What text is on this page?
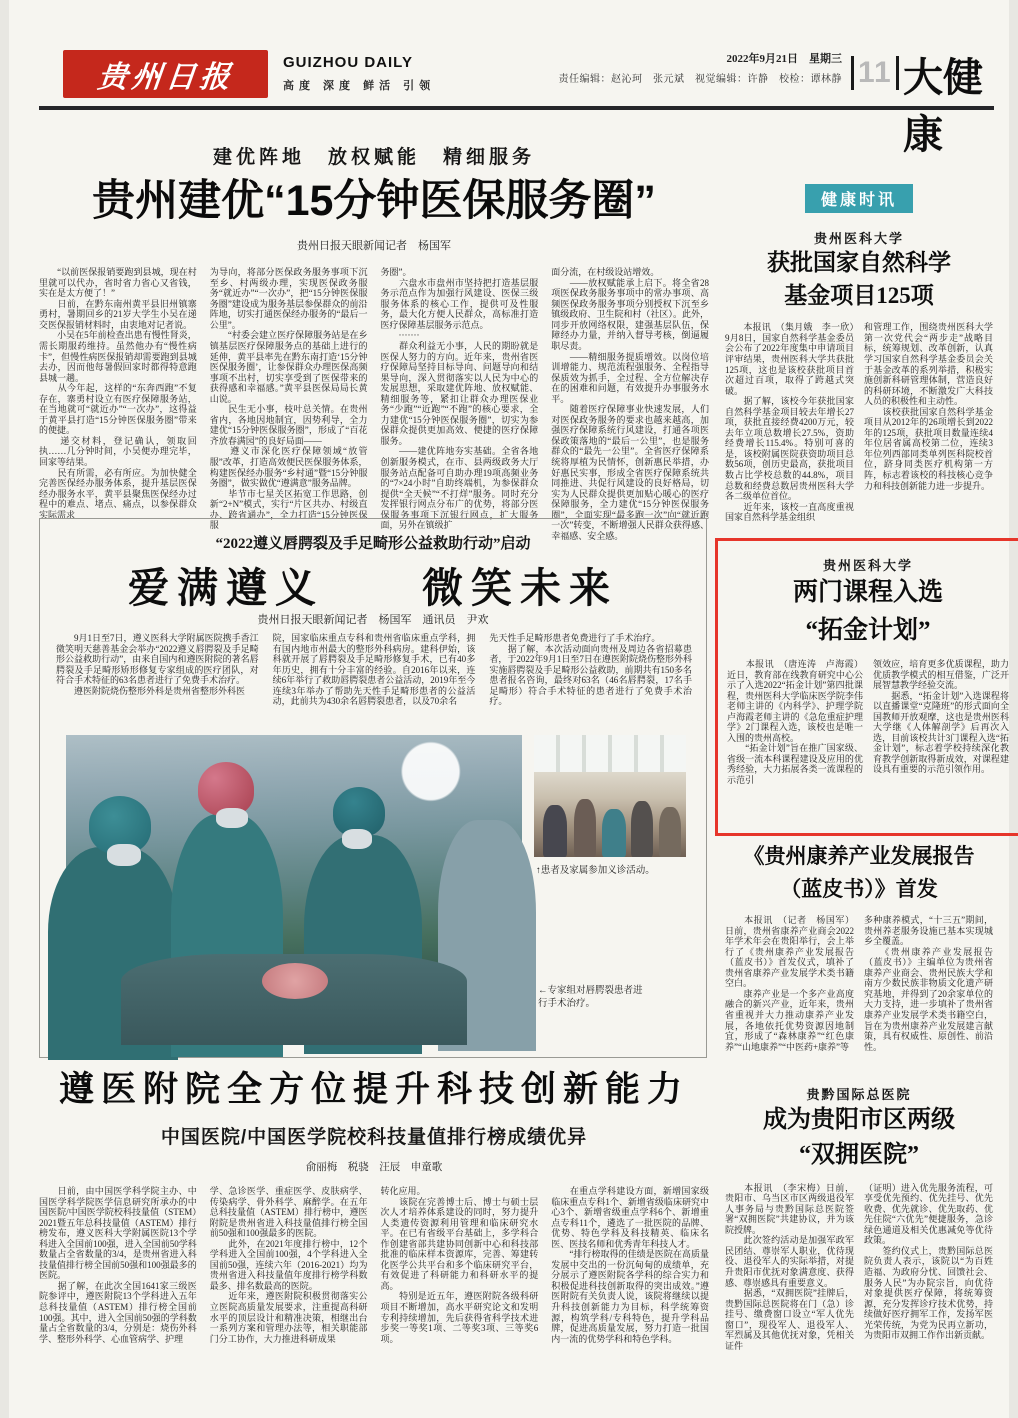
贵州日报	GUIZHOU DAILY
高度 深度 鲜活 引领
2022年9月21日　星期三
责任编辑：赵沁珂　张元斌　视觉编辑：许静　校检：谭林静 11 大健康
建优阵地　放权赋能　精细服务
贵州建优“15分钟医保服务圈”
贵州日报天眼新闻记者　杨国军
　　“以前医保报销要跑到县城，现在村里就可以代办，省时省力省心又省钱，实在是太方便了！”
　　日前，在黔东南州黄平县旧州镇寨勇村，暑期回乡的21岁大学生小吴在递交医保报销材料时，由衷地对记者说。
　　小吴在5年前检查出患有慢性肾炎，需长期服药维持。虽然他办有“慢性病卡”，但慢性病医保报销却需要跑到县城去办，因而他每暑假回家时都得特意跑县城一趟。
　　从今年起，这样的“东奔西跑”不复存在，寨勇村设立有医疗保障服务站，在当地就可“就近办”“一次办”，这得益于黄平县打造“15分钟医保服务圈”带来的便捷。
　　递交材料，登记确认，领取回执……几分钟时间，小吴便办理完毕，回家等结果。
　　民有所需，必有所应。为加快健全完善医保经办服务体系，提升基层医保经办服务水平，黄平县聚焦医保经办过程中的难点、堵点、痛点，以参保群众实际需求
为导向，将部分医保政务服务事项下沉至乡、村两级办理，实现医保政务服务“就近办”“一次办”，把“15分钟医保服务圈”建设成为服务基层参保群众的前沿阵地，切实打通医保经办服务的“最后一公里”。
　　“村委会建立医疗保障服务站是在乡镇基层医疗保障服务点的基础上进行的延伸，黄平县率先在黔东南打造‘15分钟医保服务圈’，让参保群众办理医保高频事项不出村，切实享受到了医保带来的获得感和幸福感。”黄平县医保局局长黄山说。
　　民生无小事，枝叶总关情。在贵州省内，各地因地制宜，因势利导，全力建优“15分钟医保服务圈”，形成了“百花齐放春满园”的良好局面——
　　遵义市深化医疗保障领域“放管服”改革，打造高效便民医保服务体系，构建医保经办服务“乡村通”暨“15分钟服务圈”，做实做优“遵满意”服务品牌。
　　毕节市七星关区拓宽工作思路，创新“2+N”模式，实行“片区共办、村级直办、跨省通办”，全力打造“15分钟医保服
务圈”。
　　六盘水市盘州市坚持把打造基层服务示范点作为加强行风建设、医保三级服务体系的核心工作，提供可及性服务，最大化方便人民群众，高标准打造医疗保障基层服务示范点。
　　·······
　　群众利益无小事，人民的期盼就是医保人努力的方向。近年来，贵州省医疗保障局坚持目标导向、问题导向和结果导向，深入贯彻落实以人民为中心的发展思想，采取建优阵地、放权赋能、精细服务等，紧扣让群众办理医保业务“少跑”“近跑”“不跑”的核心要求，全力建优“15分钟医保服务圈”，切实为参保群众提供更加高效、便捷的医疗保障服务。
　　——建优阵地夯实基础。全省各地创新服务模式，在市、县两级政务大厅服务站点配备可自助办理19项高频业务的“7×24小时”自助终端机，为参保群众提供“全天候”“不打烊”服务。同时充分发挥银行网点分布广的优势，将部分医保服务事项下沉银行网点，扩大服务面，另外在镇级扩
面分流，在村级设站增效。
　　——放权赋能承上启下。将全省28项医保政务服务事项中的常办事项、高频医保政务服务事项分别授权下沉至乡镇级政府、卫生院和村（社区）。此外，同步开放网络权限，建强基层队伍，保障经办力量，并纳入督导考核，倒逼履职尽责。
　　——精细服务提质增效。以岗位培训增能力、规范流程强服务、全程指导保质效为抓手，全过程、全方位解决存在的困难和问题，有效提升办事服务水平。
　　随着医疗保障事业快速发展，人们对医保政务服务的要求也越来越高，加强医疗保障系统行风建设，打通各项医保政策落地的“最后一公里”，也是服务群众的“最先一公里”。全省医疗保障系统将厚植为民情怀，创新惠民举措，办好惠民实事，形成全省医疗保障系统共同推进、共促行风建设的良好格局，切实为人民群众提供更加贴心暖心的医疗保障服务，全力建优“15分钟医保服务圈”，全面实现“最多跑一次”向“就近跑一次”转变，不断增强人民群众获得感、幸福感、安全感。
“2022遵义唇腭裂及手足畸形公益救助行动”启动
爱满遵义　　微笑未来
贵州日报天眼新闻记者　杨国军　通讯员　尹欢
　　9月1日至7日，遵义医科大学附属医院携手香江微笑明天慈善基金会举办“2022遵义唇腭裂及手足畸形公益救助行动”，由来自国内和遵医附院的著名唇腭裂及手足畸形矫形修复专家组成的医疗团队，对符合手术特征的63名患者进行了免费手术治疗。
　　遵医附院烧伤整形外科是贵州省整形外科医
院，国家临床重点专科和贵州省临床重点学科，拥有国内地市州最大的整形外科病房。建科伊始，该科就开展了唇腭裂及手足畸形修复手术，已有40多年历史，拥有十分丰富的经验。自2016年以来，连续6年举行了救助唇腭裂患者公益活动，2019年至今连续3年举办了帮助先天性手足畸形患者的公益活动，此前共为430余名唇腭裂患者，以及70余名
先天性手足畸形患者免费进行了手术治疗。
　　据了解，本次活动面向贵州及周边各省招募患者，于2022年9月1日至7日在遵医附院烧伤整形外科实施唇腭裂及手足畸形公益救助，前期共有150多名患者报名咨询，最终对63名（46名唇腭裂，17名手足畸形）符合手术特征的患者进行了免费手术治疗。
↑患者及家属参加义诊活动。
←专家组对唇腭裂患者进
行手术治疗。
遵医附院全方位提升科技创新能力
中国医院/中国医学院校科技量值排行榜成绩优异
俞丽梅　税骁　汪辰　申童歌
　　日前，由中国医学科学院主办、中国医学科学院医学信息研究所承办的中国医院/中国医学院校科技量值（STEM）2021暨五年总科技量值（ASTEM）排行榜发布，遵义医科大学附属医院13个学科进入全国前100强，进入全国前50学科数量占全省数量的3/4，是贵州省进入科技量值排行榜全国前50强和100强最多的医院。
　　据了解，在此次全国1641家三级医院参评中，遵医附院13个学科进入五年总科技量值（ASTEM）排行榜全国前100强。其中，进入全国前50强的学科数量占全省数量的3/4，分别是：烧伤外科学、整形外科学、心血管病学、护理
学、急诊医学、重症医学、皮肤病学、传染病学、骨外科学、麻醉学。在五年总科技量值（ASTEM）排行榜中，遵医附院是贵州省进入科技量值排行榜全国前50强和100强最多的医院。
　　此外，在2021年度排行榜中，12个学科进入全国前100强，4个学科进入全国前50强，连续六年（2016-2021）均为贵州省进入科技量值年度排行榜学科数最多、排名数最高的医院。
　　近年来，遵医附院积极贯彻落实公立医院高质量发展要求，注重提高科研水平的顶层设计和精准决策，相继出台一系列方案和管理办法等，相关职能部门分工协作，大力推进科研成果
转化应用。
　　该院在完善博士后、博士与硕士层次人才培养体系建设的同时，努力提升人类遗传资源利用管理和临床研究水平。在已有省级平台基础上，多学科合作创建省部共建协同创新中心和科技部批准的临床样本资源库，完善、筹建转化医学公共平台和多个临床研究平台，有效促进了科研能力和科研水平的提高。
　　特别是近五年，遵医附院各级科研项目不断增加，高水平研究论文和发明专利持续增加，先后获得省科学技术进步奖一等奖1项、二等奖3项、三等奖6项。
　　在重点学科建设方面，新增国家级临床重点专科1个、新增省级临床研究中心3个、新增省级重点学科6个、新增重点专科11个，遴选了一批医院的品牌、优势、特色学科及科技精英、临床名医、医技名师和优秀青年科技人才。
　　“排行榜取得的佳绩是医院在高质量发展中交出的一份沉甸甸的成绩单，充分展示了遵医附院各学科的综合实力和积极促进科技创新取得的突出成效。”遵医附院有关负责人说，该院将继续以提升科技创新能力为目标，科学统筹资源，构筑学科/专科特色，提升学科品牌，促进高质量发展，努力打造一批国内一流的优势学科和特色学科。
健康时讯
贵州医科大学
获批国家自然科学
基金项目125项
　　本报讯　（集月娥　李一欣）9月8日，国家自然科学基金委员会公布了2022年度集中申请项目评审结果，贵州医科大学共获批125项，这也是该校获批项目首次超过百项，取得了跨越式突破。
　　据了解，该校今年获批国家自然科学基金项目较去年增长27项，获批直接经费4200万元，较去年立项总数增长27.5%，资助经费增长115.4%。特别可喜的是，该校附属医院获资助项目总数56项，创历史最高，获批项目数占比学校总数的44.8%，项目总数和经费总数居贵州医科大学各二级单位首位。
　　近年来，该校一直高度重视国家自然科学基金组织
和管理工作，围绕贵州医科大学第一次党代会“两步走”战略目标，统筹规划、改革创新，认真学习国家自然科学基金委员会关于基金改革的系列举措，积极实施创新科研管理体制，营造良好的科研环境，不断激发广大科技人员的积极性和主动性。
　　该校获批国家自然科学基金项目从2012年的26项增长到2022年的125项，获批项目数量连续4年位居省属高校第二位，连续3年位列西部同类单列医科院校首位，跻身同类医疗机构第一方阵，标志着该校的科技核心竞争力和科技创新能力进一步提升。
贵州医科大学
两门课程入选
“拓金计划”
　　本报讯　（唐连涛　卢海霞）近日，教育部在线教育研究中心公示了入选2022“拓金计划”第四批课程，贵州医科大学临床医学院李伟老师主讲的《内科学》、护理学院卢海霞老师主讲的《急危重症护理学》2门课程入选，该校也是唯一入围的贵州高校。
　　“拓金计划”旨在推广国家级、省级一流本科课程建设及应用的优秀经验，大力拓展各类一流课程的示范引
领效应，培育更多优质课程，助力优质教学模式的相互借鉴，广泛开展智慧教学经验交流。
　　据悉，“拓金计划”入选课程将以直播课堂“克隆班”的形式面向全国教师开放观摩，这也是贵州医科大学继《人体解剖学》后再次入选，目前该校共计3门课程入选“拓金计划”，标志着学校持续深化教育教学创新取得新成效，对课程建设具有重要的示范引领作用。
《贵州康养产业发展报告
（蓝皮书）》首发
　　本报讯　（记者　杨国军）日前，贵州省康养产业商会2022年学术年会在贵阳举行，会上举行了《贵州康养产业发展报告（蓝皮书）》首发仪式，填补了贵州省康养产业发展学术类书籍空白。
　　康养产业是一个多产业高度融合的新兴产业，近年来，贵州省重视并大力推动康养产业发展，各地依托优势资源因地制宜，形成了“森林康养”“红色康养”“山地康养”“中医药+康养”等
多种康养模式，“十三五”期间，贵州养老服务设施已基本实现城乡全覆盖。
　　《贵州康养产业发展报告（蓝皮书）》主编单位为贵州省康养产业商会、贵州民族大学和南方少数民族非物质文化遗产研究基地，并得到了20余家单位的大力支持，进一步填补了贵州省康养产业发展学术类书籍空白，旨在为贵州康养产业发展建言献策，具有权威性、原创性、前沿性。
贵黔国际总医院
成为贵阳市区两级
“双拥医院”
　　本报讯　（李宋梅）日前，贵阳市、乌当区市区两级退役军人事务局与贵黔国际总医院签署“双拥医院”共建协议，并为该院授牌。
　　此次签约活动是加强军政军民团结、尊崇军人职业，优待现役、退役军人的实际举措，对提升贵阳市优抚对象满意度、获得感、尊崇感具有重要意义。
　　据悉，“双拥医院”挂牌后，贵黔国际总医院将在门（急）诊挂号、缴费窗口设立“军人优先窗口”，现役军人、退役军人、军烈属及其他优抚对象，凭相关证件
（证明）进入优先服务流程，可享受优先预约、优先挂号、优先收费、优先就诊、优先取药、优先住院“六优先”便捷服务，急诊绿色通道及相关优惠减免等优待政策。
　　签约仪式上，贵黔国际总医院负责人表示，该院以“为百姓造福、为政府分忧、回馈社会、服务人民”为办院宗旨，向优待对象提供医疗保障，将统筹资源，充分发挥诊疗技术优势，持续做好医疗拥军工作，发扬军医光荣传统，为党为民再立新功，为贵阳市双拥工作作出新贡献。
